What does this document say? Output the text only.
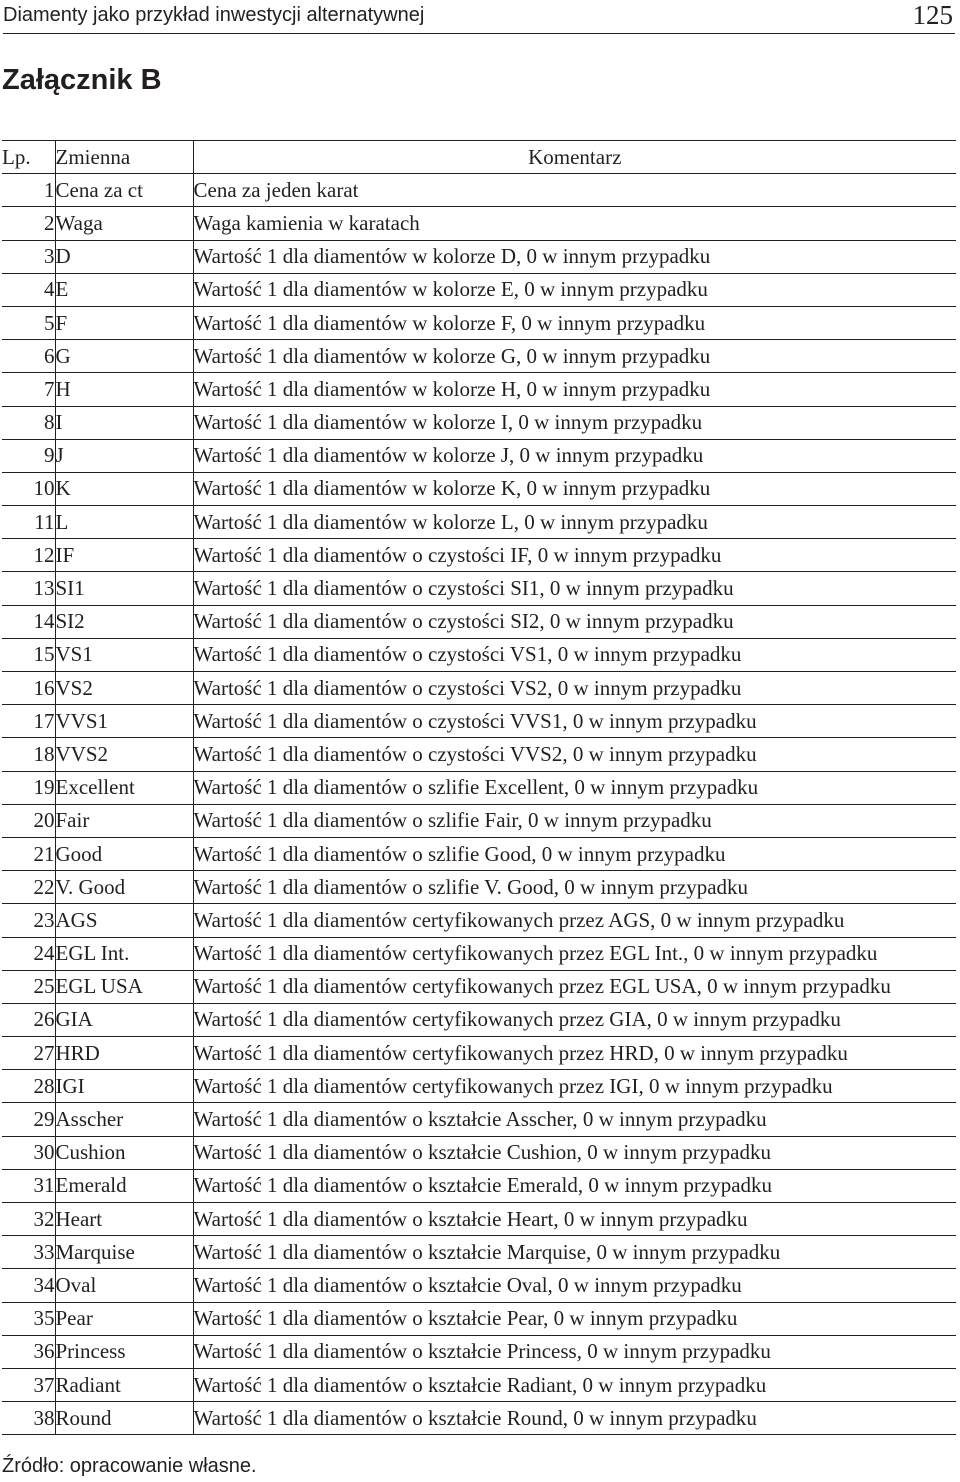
Diamenty jako przykład inwestycji alternatywnej	125
Załącznik B
Lp.	Zmienna	Komentarz
1	Cena za ct	Cena za jeden karat
2	Waga	Waga kamienia w karatach
3	D	Wartość 1 dla diamentów w kolorze D, 0 w innym przypadku
4	E	Wartość 1 dla diamentów w kolorze E, 0 w innym przypadku
5	F	Wartość 1 dla diamentów w kolorze F, 0 w innym przypadku
6	G	Wartość 1 dla diamentów w kolorze G, 0 w innym przypadku
7	H	Wartość 1 dla diamentów w kolorze H, 0 w innym przypadku
8	I	Wartość 1 dla diamentów w kolorze I, 0 w innym przypadku
9	J	Wartość 1 dla diamentów w kolorze J, 0 w innym przypadku
10	K	Wartość 1 dla diamentów w kolorze K, 0 w innym przypadku
11	L	Wartość 1 dla diamentów w kolorze L, 0 w innym przypadku
12	IF	Wartość 1 dla diamentów o czystości IF, 0 w innym przypadku
13	SI1	Wartość 1 dla diamentów o czystości SI1, 0 w innym przypadku
14	SI2	Wartość 1 dla diamentów o czystości SI2, 0 w innym przypadku
15	VS1	Wartość 1 dla diamentów o czystości VS1, 0 w innym przypadku
16	VS2	Wartość 1 dla diamentów o czystości VS2, 0 w innym przypadku
17	VVS1	Wartość 1 dla diamentów o czystości VVS1, 0 w innym przypadku
18	VVS2	Wartość 1 dla diamentów o czystości VVS2, 0 w innym przypadku
19	Excellent	Wartość 1 dla diamentów o szlifie Excellent, 0 w innym przypadku
20	Fair	Wartość 1 dla diamentów o szlifie Fair, 0 w innym przypadku
21	Good	Wartość 1 dla diamentów o szlifie Good, 0 w innym przypadku
22	V. Good	Wartość 1 dla diamentów o szlifie V. Good, 0 w innym przypadku
23	AGS	Wartość 1 dla diamentów certyfikowanych przez AGS, 0 w innym przypadku
24	EGL Int.	Wartość 1 dla diamentów certyfikowanych przez EGL Int., 0 w innym przypadku
25	EGL USA	Wartość 1 dla diamentów certyfikowanych przez EGL USA, 0 w innym przypadku
26	GIA	Wartość 1 dla diamentów certyfikowanych przez GIA, 0 w innym przypadku
27	HRD	Wartość 1 dla diamentów certyfikowanych przez HRD, 0 w innym przypadku
28	IGI	Wartość 1 dla diamentów certyfikowanych przez IGI, 0 w innym przypadku
29	Asscher	Wartość 1 dla diamentów o kształcie Asscher, 0 w innym przypadku
30	Cushion	Wartość 1 dla diamentów o kształcie Cushion, 0 w innym przypadku
31	Emerald	Wartość 1 dla diamentów o kształcie Emerald, 0 w innym przypadku
32	Heart	Wartość 1 dla diamentów o kształcie Heart, 0 w innym przypadku
33	Marquise	Wartość 1 dla diamentów o kształcie Marquise, 0 w innym przypadku
34	Oval	Wartość 1 dla diamentów o kształcie Oval, 0 w innym przypadku
35	Pear	Wartość 1 dla diamentów o kształcie Pear, 0 w innym przypadku
36	Princess	Wartość 1 dla diamentów o kształcie Princess, 0 w innym przypadku
37	Radiant	Wartość 1 dla diamentów o kształcie Radiant, 0 w innym przypadku
38	Round	Wartość 1 dla diamentów o kształcie Round, 0 w innym przypadku
Źródło: opracowanie własne.
